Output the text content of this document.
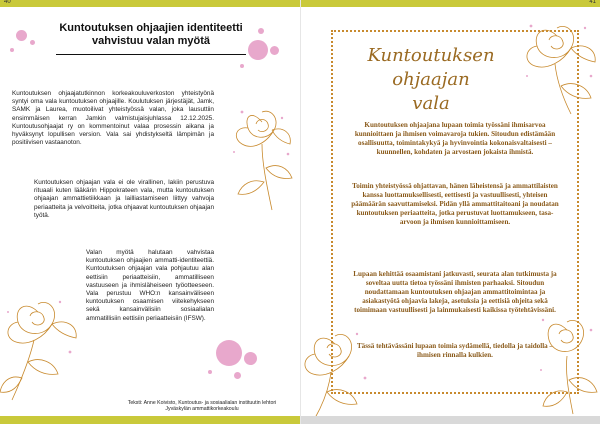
40
Kuntoutuksen ohjaajien identiteetti
vahvistuu valan myötä

Kuntoutuksen ohjaajatutkinnon korkeakouluverkoston yhteistyönä syntyi oma vala kuntoutuksen ohjaajille. Koulutuksen järjestäjät, Jamk, SAMK ja Laurea, muotoilivat yhteistyössä valan, joka lausuttiin ensimmäisen kerran Jamkin valmistujaisjuhlassa 12.12.2025. Kuntoutusohjaajat ry on kommentoinut valaa prosessin aikana ja hyväksynyt lopullisen version. Vala sai yhdistykseltä lämpimän ja positiivisen vastaanoton.

Kuntoutuksen ohjaajan vala ei ole virallinen, lakiin perustuva rituaali kuten lääkärin Hippokrateen vala, mutta kuntoutuksen ohjaajan ammattietiikkaan ja lailliastamiseen liittyy vahvoja periaatteita ja velvoitteita, jotka ohjaavat kuntoutuksen ohjaajan työtä.

Valan myötä halutaan vahvistaa kuntoutuksen ohjaajien ammatti-identiteettiä. Kuntoutuksen ohjaajan vala pohjautuu alan eettisiin periaatteisiin, ammatilliseen vastuuseen ja ihmisläheiseen työotteeseen. Vala perustuu WHO:n kansainväliseen kuntoutuksen osaamisen viitekehykseen sekä kansainvälisiin sosiaalialan ammatillisiin eettisiin periaatteisiin (IFSW).

Teksti: Anne Koivisto, Kuntoutus- ja sosiaalialan instituutin lehtori
Jyväskylän ammattikorkeakoulu
41
Kuntoutuksen ohjaajan
vala

Kuntoutuksen ohjaajana lupaan toimia työssäni ihmisarvoa kunnioittaen ja ihmisen voimavaroja tukien. Sitoudun edistämään osallisuutta, toimintakykyä ja hyvinvointia kokonaisvaltaisesti – kuunnellen, kohdaten ja arvostaen jokaista ihmistä.

Toimin yhteistyössä ohjattavan, hänen läheistensä ja ammattilaisten kanssa luottamuksellisesti, eettisesti ja vastuullisesti, yhteisen päämäärän saavuttamiseksi. Pidän yllä ammattitaitoani ja noudatan kuntoutuksen periaatteita, jotka perustuvat luottamukseen, tasa-arvoon ja ihmisen kunnioittamiseen.

Lupaan kehittää osaamistani jatkuvasti, seurata alan tutkimusta ja soveltaa uutta tietoa työssäni ihmisten parhaaksi. Sitoudun noudattamaan kuntoutuksen ohjaajan ammattitoimintaa ja asiakastyötä ohjaavia lakeja, asetuksia ja eettisiä ohjeita sekä toimimaan vastuullisesti ja lainmukaisesti kaikissa työtehtävissäni.

Tässä tehtävässäni lupaan toimia sydämellä, tiedolla ja taidolla – ihmisen rinnalla kulkien.
